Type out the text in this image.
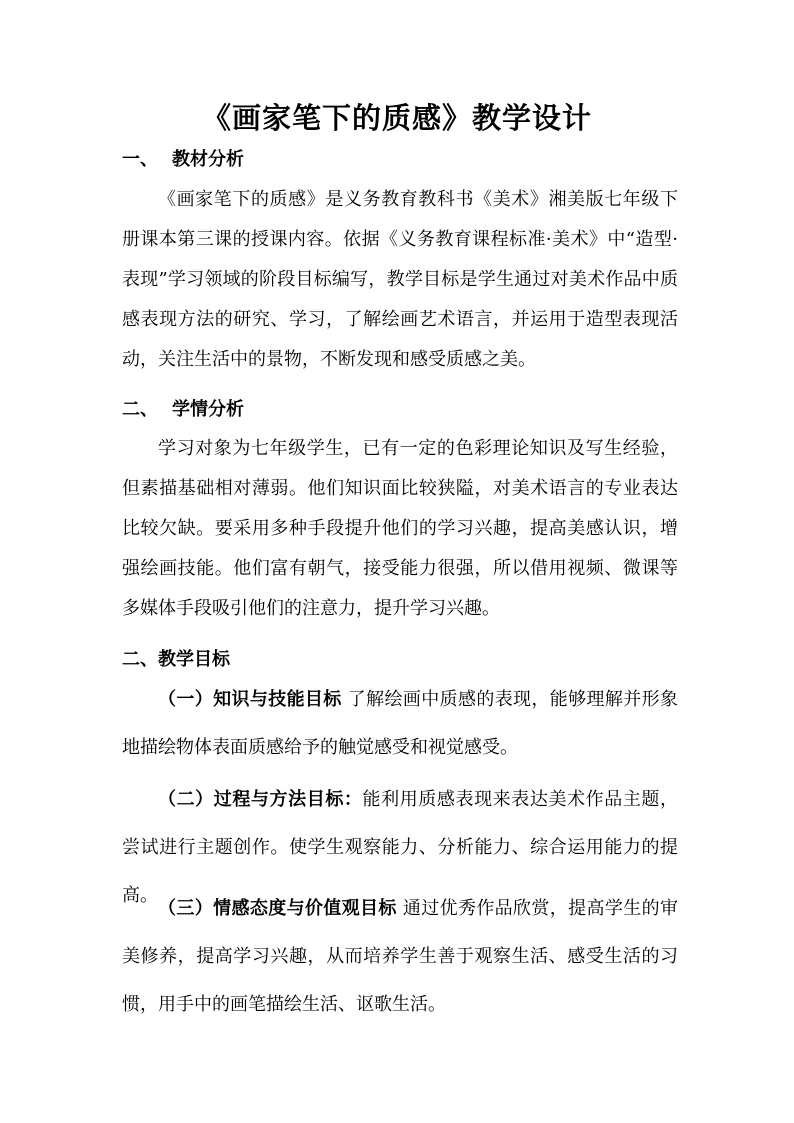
《画家笔下的质感》教学设计
一、 教材分析

《画家笔下的质感》是义务教育教科书《美术》湘美版七年级下册课本第三课的授课内容。依据《义务教育课程标准·美术》中“造型·表现”学习领域的阶段目标编写，教学目标是学生通过对美术作品中质感表现方法的研究、学习，了解绘画艺术语言，并运用于造型表现活动，关注生活中的景物，不断发现和感受质感之美。

二、 学情分析

学习对象为七年级学生，已有一定的色彩理论知识及写生经验，但素描基础相对薄弱。他们知识面比较狭隘，对美术语言的专业表达比较欠缺。要采用多种手段提升他们的学习兴趣，提高美感认识，增强绘画技能。他们富有朝气，接受能力很强，所以借用视频、微课等多媒体手段吸引他们的注意力，提升学习兴趣。

二、教学目标

（一）知识与技能目标 了解绘画中质感的表现，能够理解并形象地描绘物体表面质感给予的触觉感受和视觉感受。

（二）过程与方法目标：能利用质感表现来表达美术作品主题，尝试进行主题创作。使学生观察能力、分析能力、综合运用能力的提高。

（三）情感态度与价值观目标 通过优秀作品欣赏，提高学生的审美修养，提高学习兴趣，从而培养学生善于观察生活、感受生活的习惯，用手中的画笔描绘生活、讴歌生活。
